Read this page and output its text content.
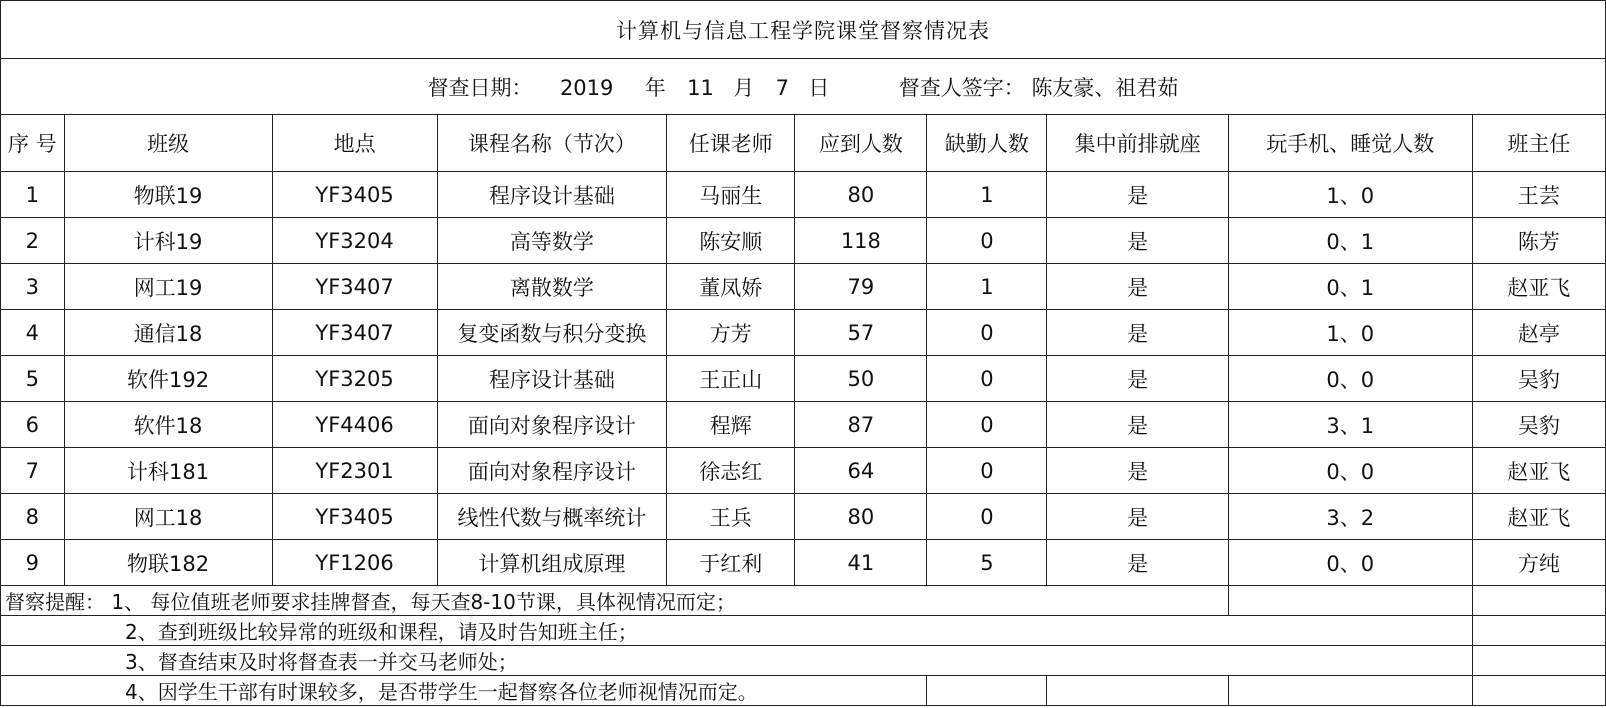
计算机与信息工程学院课堂督察情况表									
督查日期： 2019 年 11 月 7 日 督查人签字： 陈友豪、祖君茹									
序 号	班级	地点	课程名称（节次）	任课老师	应到人数	缺勤人数	集中前排就座	玩手机、睡觉人数	班主任
1	物联19	YF3405	程序设计基础	马丽生	80	1	是	1、0	王芸
2	计科19	YF3204	高等数学	陈安顺	118	0	是	0、1	陈芳
3	网工19	YF3407	离散数学	董凤娇	79	1	是	0、1	赵亚飞
4	通信18	YF3407	复变函数与积分变换	方芳	57	0	是	1、0	赵亭
5	软件192	YF3205	程序设计基础	王正山	50	0	是	0、0	吴豹
6	软件18	YF4406	面向对象程序设计	程辉	87	0	是	3、1	吴豹
7	计科181	YF2301	面向对象程序设计	徐志红	64	0	是	0、0	赵亚飞
8	网工18	YF3405	线性代数与概率统计	王兵	80	0	是	3、2	赵亚飞
9	物联182	YF1206	计算机组成原理	于红利	41	5	是	0、0	方纯
督察提醒： 1、 每位值班老师要求挂牌督查，每天查8-10节课，具体视情况而定；									
2、查到班级比较异常的班级和课程，请及时告知班主任；									
3、督查结束及时将督查表一并交马老师处；									
4、因学生干部有时课较多，是否带学生一起督察各位老师视情况而定。									
